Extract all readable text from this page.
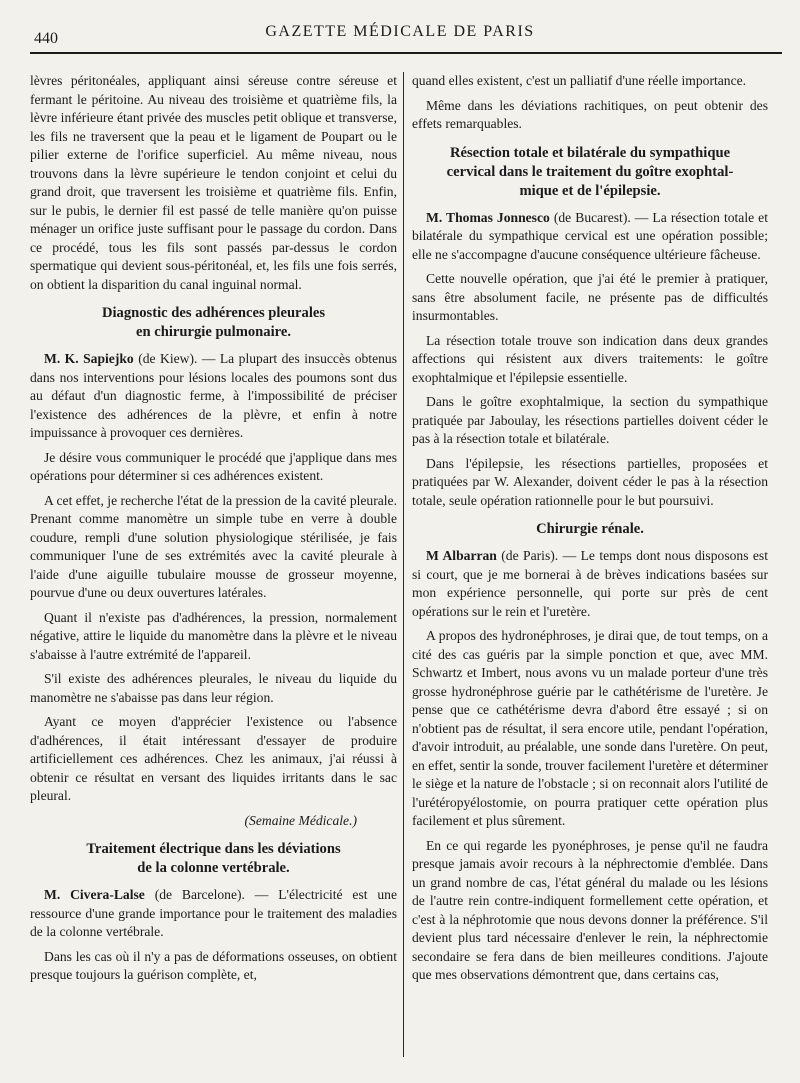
440	GAZETTE MÉDICALE DE PARIS

lèvres péritonéales, appliquant ainsi séreuse contre séreuse et fermant le péritoine. Au niveau des troisième et quatrième fils, la lèvre inférieure étant privée des muscles petit oblique et transverse, les fils ne traversent que la peau et le ligament de Poupart ou le pilier externe de l'orifice superficiel. Au même niveau, nous trouvons dans la lèvre supérieure le tendon conjoint et celui du grand droit, que traversent les troisième et quatrième fils. Enfin, sur le pubis, le dernier fil est passé de telle manière qu'on puisse ménager un orifice juste suffisant pour le passage du cordon. Dans ce procédé, tous les fils sont passés par-dessus le cordon spermatique qui devient sous-péritonéal, et, les fils une fois serrés, on obtient la disparition du canal inguinal normal.

Diagnostic des adhérences pleurales
en chirurgie pulmonaire.

M. K. Sapiejko (de Kiew). — La plupart des insuccès obtenus dans nos interventions pour lésions locales des poumons sont dus au défaut d'un diagnostic ferme, à l'impossibilité de préciser l'existence des adhérences de la plèvre, et enfin à notre impuissance à provoquer ces dernières.

Je désire vous communiquer le procédé que j'applique dans mes opérations pour déterminer si ces adhérences existent.

A cet effet, je recherche l'état de la pression de la cavité pleurale. Prenant comme manomètre un simple tube en verre à double coudure, rempli d'une solution physiologique stérilisée, je fais communiquer l'une de ses extrémités avec la cavité pleurale à l'aide d'une aiguille tubulaire mousse de grosseur moyenne, pourvue d'une ou deux ouvertures latérales.

Quant il n'existe pas d'adhérences, la pression, normalement négative, attire le liquide du manomètre dans la plèvre et le niveau s'abaisse à l'autre extrémité de l'appareil.

S'il existe des adhérences pleurales, le niveau du liquide du manomètre ne s'abaisse pas dans leur région.

Ayant ce moyen d'apprécier l'existence ou l'absence d'adhérences, il était intéressant d'essayer de produire artificiellement ces adhérences. Chez les animaux, j'ai réussi à obtenir ce résultat en versant des liquides irritants dans le sac pleural.

(Semaine Médicale.)

Traitement électrique dans les déviations
de la colonne vertébrale.

M. Civera-Lalse (de Barcelone). — L'électricité est une ressource d'une grande importance pour le traitement des maladies de la colonne vertébrale.

Dans les cas où il n'y a pas de déformations osseuses, on obtient presque toujours la guérison complète, et,

quand elles existent, c'est un palliatif d'une réelle importance.

Même dans les déviations rachitiques, on peut obtenir des effets remarquables.

Résection totale et bilatérale du sympathique
cervical dans le traitement du goître exophtal-
mique et de l'épilepsie.

M. Thomas Jonnesco (de Bucarest). — La résection totale et bilatérale du sympathique cervical est une opération possible; elle ne s'accompagne d'aucune conséquence ultérieure fâcheuse.

Cette nouvelle opération, que j'ai été le premier à pratiquer, sans être absolument facile, ne présente pas de difficultés insurmontables.

La résection totale trouve son indication dans deux grandes affections qui résistent aux divers traitements: le goître exophtalmique et l'épilepsie essentielle.

Dans le goître exophtalmique, la section du sympathique pratiquée par Jaboulay, les résections partielles doivent céder le pas à la résection totale et bilatérale.

Dans l'épilepsie, les résections partielles, proposées et pratiquées par W. Alexander, doivent céder le pas à la résection totale, seule opération rationnelle pour le but poursuivi.

Chirurgie rénale.

M Albarran (de Paris). — Le temps dont nous disposons est si court, que je me bornerai à de brèves indications basées sur mon expérience personnelle, qui porte sur près de cent opérations sur le rein et l'uretère.

A propos des hydronéphroses, je dirai que, de tout temps, on a cité des cas guéris par la simple ponction et que, avec MM. Schwartz et Imbert, nous avons vu un malade porteur d'une très grosse hydronéphrose guérie par le cathétérisme de l'uretère. Je pense que ce cathétérisme devra d'abord être essayé ; si on n'obtient pas de résultat, il sera encore utile, pendant l'opération, d'avoir introduit, au préalable, une sonde dans l'uretère. On peut, en effet, sentir la sonde, trouver facilement l'uretère et déterminer le siège et la nature de l'obstacle ; si on reconnait alors l'utilité de l'urétéropyélostomie, on pourra pratiquer cette opération plus facilement et plus sûrement.

En ce qui regarde les pyonéphroses, je pense qu'il ne faudra presque jamais avoir recours à la néphrectomie d'emblée. Dans un grand nombre de cas, l'état général du malade ou les lésions de l'autre rein contre-indiquent formellement cette opération, et c'est à la néphrotomie que nous devons donner la préférence. S'il devient plus tard nécessaire d'enlever le rein, la néphrectomie secondaire se fera dans de bien meilleures conditions. J'ajoute que mes observations démontrent que, dans certains cas,
